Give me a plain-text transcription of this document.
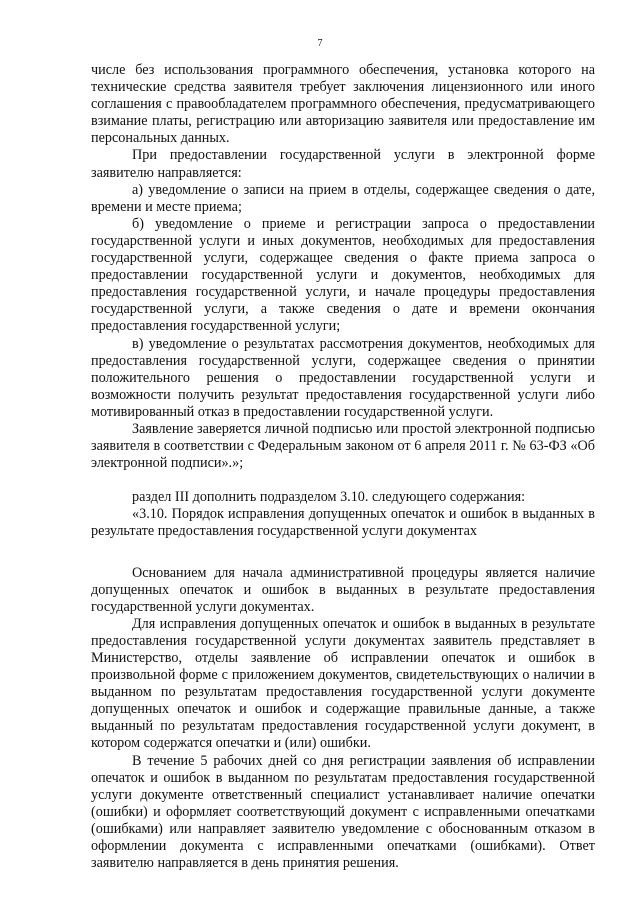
7

числе без использования программного обеспечения, установка которого на технические средства заявителя требует заключения лицензионного или иного соглашения с правообладателем программного обеспечения, предусматривающего взимание платы, регистрацию или авторизацию заявителя или предоставление им персональных данных.

При предоставлении государственной услуги в электронной форме заявителю направляется:

а) уведомление о записи на прием в отделы, содержащее сведения о дате, времени и месте приема;

б) уведомление о приеме и регистрации запроса о предоставлении государственной услуги и иных документов, необходимых для предоставления государственной услуги, содержащее сведения о факте приема запроса о предоставлении государственной услуги и документов, необходимых для предоставления государственной услуги, и начале процедуры предоставления государственной услуги, а также сведения о дате и времени окончания предоставления государственной услуги;

в) уведомление о результатах рассмотрения документов, необходимых для предоставления государственной услуги, содержащее сведения о принятии положительного решения о предоставлении государственной услуги и возможности получить результат предоставления государственной услуги либо мотивированный отказ в предоставлении государственной услуги.

Заявление заверяется личной подписью или простой электронной подписью заявителя в соответствии с Федеральным законом от 6 апреля 2011 г. № 63-ФЗ «Об электронной подписи».»;

раздел III дополнить подразделом 3.10. следующего содержания:

«3.10. Порядок исправления допущенных опечаток и ошибок в выданных в результате предоставления государственной услуги документах

Основанием для начала административной процедуры является наличие допущенных опечаток и ошибок в выданных в результате предоставления государственной услуги документах.

Для исправления допущенных опечаток и ошибок в выданных в результате предоставления государственной услуги документах заявитель представляет в Министерство, отделы заявление об исправлении опечаток и ошибок в произвольной форме с приложением документов, свидетельствующих о наличии в выданном по результатам предоставления государственной услуги документе допущенных опечаток и ошибок и содержащие правильные данные, а также выданный по результатам предоставления государственной услуги документ, в котором содержатся опечатки и (или) ошибки.

В течение 5 рабочих дней со дня регистрации заявления об исправлении опечаток и ошибок в выданном по результатам предоставления государственной услуги документе ответственный специалист устанавливает наличие опечатки (ошибки) и оформляет соответствующий документ с исправленными опечатками (ошибками) или направляет заявителю уведомление с обоснованным отказом в оформлении документа с исправленными опечатками (ошибками). Ответ заявителю направляется в день принятия решения.
